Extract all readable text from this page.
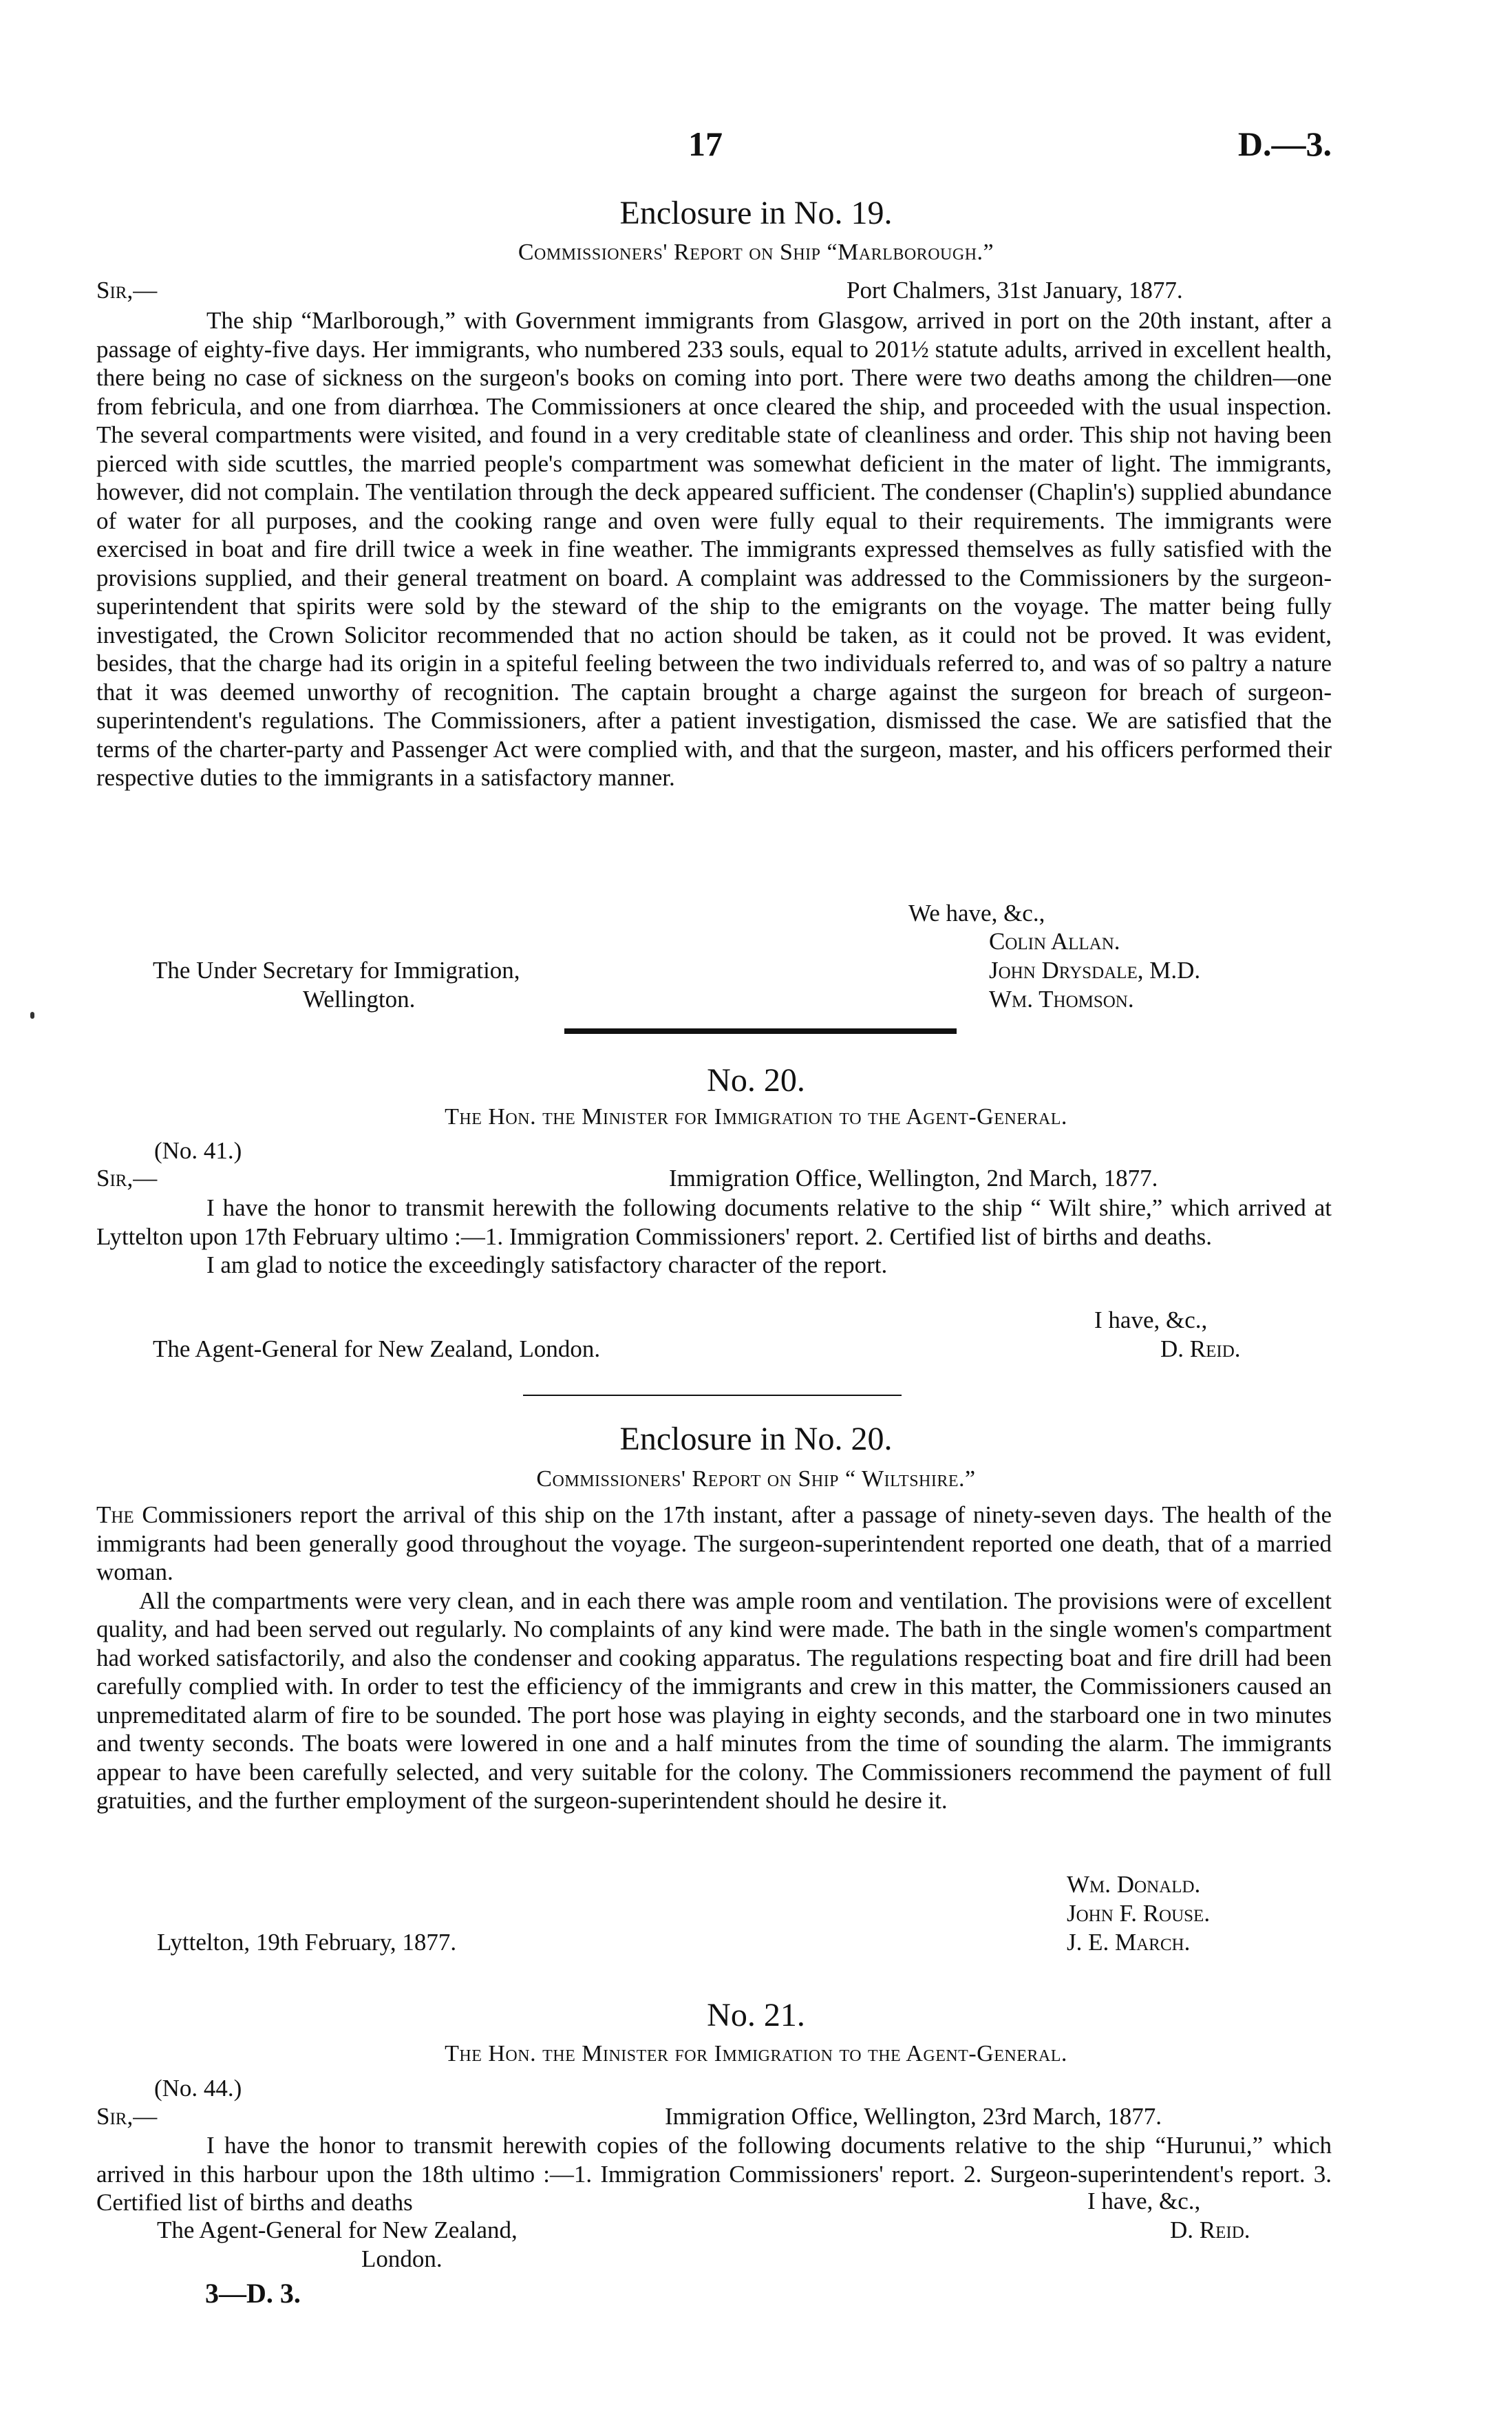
17	D.—3.
Enclosure in No. 19.
Commissioners' Report on Ship “Marlborough.”
Sir,—	Port Chalmers, 31st January, 1877.

The ship “Marlborough,” with Government immigrants from Glasgow, arrived in port on the 20th instant, after a passage of eighty-five days. Her immigrants, who numbered 233 souls, equal to 201½ statute adults, arrived in excellent health, there being no case of sickness on the surgeon's books on coming into port. There were two deaths among the children—one from febricula, and one from diarrhœa. The Commissioners at once cleared the ship, and proceeded with the usual inspection. The several compartments were visited, and found in a very creditable state of cleanliness and order. This ship not having been pierced with side scuttles, the married people's compartment was somewhat deficient in the mater of light. The immigrants, however, did not complain. The ventilation through the deck appeared sufficient. The condenser (Chaplin's) supplied abundance of water for all purposes, and the cooking range and oven were fully equal to their requirements. The immigrants were exercised in boat and fire drill twice a week in fine weather. The immigrants expressed themselves as fully satisfied with the provisions supplied, and their general treatment on board. A complaint was addressed to the Commissioners by the surgeon-superintendent that spirits were sold by the steward of the ship to the emigrants on the voyage. The matter being fully investigated, the Crown Solicitor recommended that no action should be taken, as it could not be proved. It was evident, besides, that the charge had its origin in a spiteful feeling between the two individuals referred to, and was of so paltry a nature that it was deemed unworthy of recognition. The captain brought a charge against the surgeon for breach of surgeon-superintendent's regulations. The Commissioners, after a patient investigation, dismissed the case. We are satisfied that the terms of the charter-party and Passenger Act were complied with, and that the surgeon, master, and his officers performed their respective duties to the immigrants in a satisfactory manner.

We have, &c.,
Colin Allan.
John Drysdale, M.D.
Wm. Thomson.
The Under Secretary for Immigration,
Wellington.
No. 20.
The Hon. the Minister for Immigration to the Agent-General.
(No. 41.)
Sir,—	Immigration Office, Wellington, 2nd March, 1877.

I have the honor to transmit herewith the following documents relative to the ship “ Wilt shire,” which arrived at Lyttelton upon 17th February ultimo :—1. Immigration Commissioners' report. 2. Certified list of births and deaths.

I am glad to notice the exceedingly satisfactory character of the report.

I have, &c.,
The Agent-General for New Zealand, London.	D. Reid.
Enclosure in No. 20.
Commissioners' Report on Ship “ Wiltshire.”

The Commissioners report the arrival of this ship on the 17th instant, after a passage of ninety-seven days. The health of the immigrants had been generally good throughout the voyage. The surgeon-superintendent reported one death, that of a married woman.

All the compartments were very clean, and in each there was ample room and ventilation. The provisions were of excellent quality, and had been served out regularly. No complaints of any kind were made. The bath in the single women's compartment had worked satisfactorily, and also the condenser and cooking apparatus. The regulations respecting boat and fire drill had been carefully complied with. In order to test the efficiency of the immigrants and crew in this matter, the Commissioners caused an unpremeditated alarm of fire to be sounded. The port hose was playing in eighty seconds, and the starboard one in two minutes and twenty seconds. The boats were lowered in one and a half minutes from the time of sounding the alarm. The immigrants appear to have been carefully selected, and very suitable for the colony. The Commissioners recommend the payment of full gratuities, and the further employment of the surgeon-superintendent should he desire it.

Wm. Donald.
John F. Rouse.
J. E. March.
Lyttelton, 19th February, 1877.
No. 21.
The Hon. the Minister for Immigration to the Agent-General.
(No. 44.)
Sir,—	Immigration Office, Wellington, 23rd March, 1877.

I have the honor to transmit herewith copies of the following documents relative to the ship “Hurunui,” which arrived in this harbour upon the 18th ultimo :—1. Immigration Commissioners' report. 2. Surgeon-superintendent's report. 3. Certified list of births and deaths	I have, &c.,
The Agent-General for New Zealand,	D. Reid.
London.
3—D. 3.
